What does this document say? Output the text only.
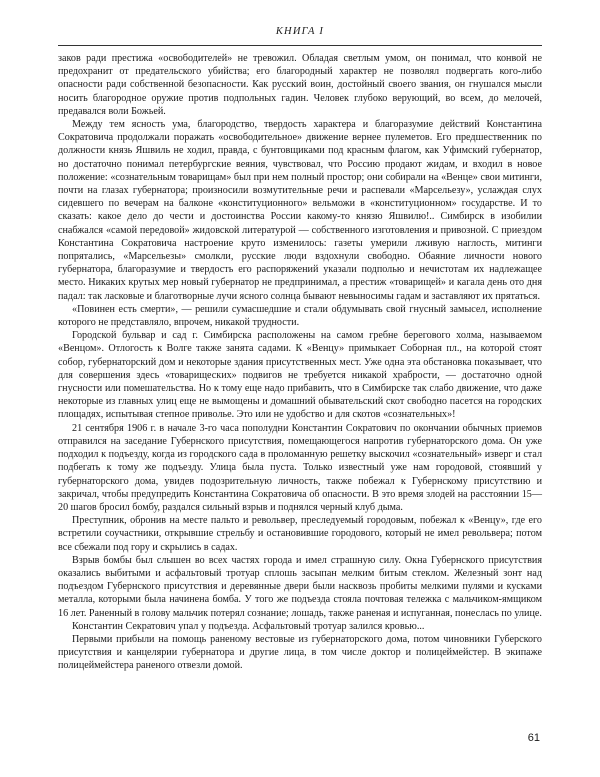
КНИГА I

заков ради престижа «освободителей» не тревожил. Обладая светлым умом, он понимал, что конвой не предохранит от предательского убийства; его благородный характер не позволял подвергать кого-либо опасности ради собственной безопасности. Как русский воин, достойный своего звания, он гнушался мысли носить благородное оружие против подпольных гадин. Человек глубоко верующий, во всем, до мелочей, предавался воли Божьей.

Между тем ясность ума, благородство, твердость характера и благоразумие действий Константина Сократовича продолжали поражать «освободительное» движение вернее пулеметов. Его предшественник по должности князь Яшвиль не ходил, правда, с бунтовщиками под красным флагом, как Уфимский губернатор, но достаточно понимал петербургские веяния, чувствовал, что Россию продают жидам, и входил в новое положение: «сознательным товарищам» был при нем полный простор; они собирали на «Венце» свои митинги, почти на глазах губернатора; произносили возмутительные речи и распевали «Марсельезу», услаждая слух сидевшего по вечерам на балконе «конституционного» вельможи в «конституционном» государстве. И то сказать: какое дело до чести и достоинства России какому-то князю Яшвилю!.. Симбирск в изобилии снабжался «самой передовой» жидовской литературой — собственного изготовления и привозной. С приездом Константина Сократовича настроение круто изменилось: газеты умерили лживую наглость, митинги попрятались, «Марсельезы» смолкли, русские люди вздохнули свободно. Обаяние личности нового губернатора, благоразумие и твердость его распоряжений указали подполью и нечистотам их надлежащее место. Никаких крутых мер новый губернатор не предпринимал, а престиж «товарищей» и кагала день ото дня падал: так ласковые и благотворные лучи ясного солнца бывают невыносимы гадам и заставляют их прятаться.

«Повинен есть смерти», — решили сумасшедшие и стали обдумывать свой гнусный замысел, исполнение которого не представляло, впрочем, никакой трудности.

Городской бульвар и сад г. Симбирска расположены на самом гребне берегового холма, называемом «Венцом». Отлогость к Волге также занята садами. К «Венцу» примыкает Соборная пл., на которой стоят собор, губернаторский дом и некоторые здания присутственных мест. Уже одна эта обстановка показывает, что для совершения здесь «товарищеских» подвигов не требуется никакой храбрости, — достаточно одной гнусности или помешательства. Но к тому еще надо прибавить, что в Симбирске так слабо движение, что даже некоторые из главных улиц еще не вымощены и домашний обывательский скот свободно пасется на городских площадях, испытывая степное приволье. Это или не удобство и для скотов «сознательных»!

21 сентября 1906 г. в начале 3-го часа пополудни Константин Сократович по окончании обычных приемов отправился на заседание Губернского присутствия, помещающегося напротив губернаторского дома. Он уже подходил к подъезду, когда из городского сада в проломанную решетку выскочил «сознательный» изверг и стал подбегать к тому же подъезду. Улица была пуста. Только известный уже нам городовой, стоявший у губернаторского дома, увидев подозрительную личность, также побежал к Губернскому присутствию и закричал, чтобы предупредить Константина Сократовича об опасности. В это время злодей на расстоянии 15—20 шагов бросил бомбу, раздался сильный взрыв и поднялся черный клуб дыма.

Преступник, обронив на месте пальто и револьвер, преследуемый городовым, побежал к «Венцу», где его встретили соучастники, открывшие стрельбу и остановившие городового, который не имел револьвера; потом все сбежали под гору и скрылись в садах.

Взрыв бомбы был слышен во всех частях города и имел страшную силу. Окна Губернского присутствия оказались выбитыми и асфальтовый тротуар сплошь засыпан мелким битым стеклом. Железный зонт над подъездом Губернского присутствия и деревянные двери были насквозь пробиты мелкими пулями и кусками металла, которыми была начинена бомба. У того же подъезда стояла почтовая тележка с мальчиком-ямщиком 16 лет. Раненный в голову мальчик потерял сознание; лошадь, также раненая и испуганная, понеслась по улице.

Константин Секратович упал у подъезда. Асфальтовый тротуар залился кровью...

Первыми прибыли на помощь раненому вестовые из губернаторского дома, потом чиновники Губерского присутствия и канцелярии губернатора и другие лица, в том числе доктор и полицеймейстер. В экипаже полицеймейстера раненого отвезли домой.

61
